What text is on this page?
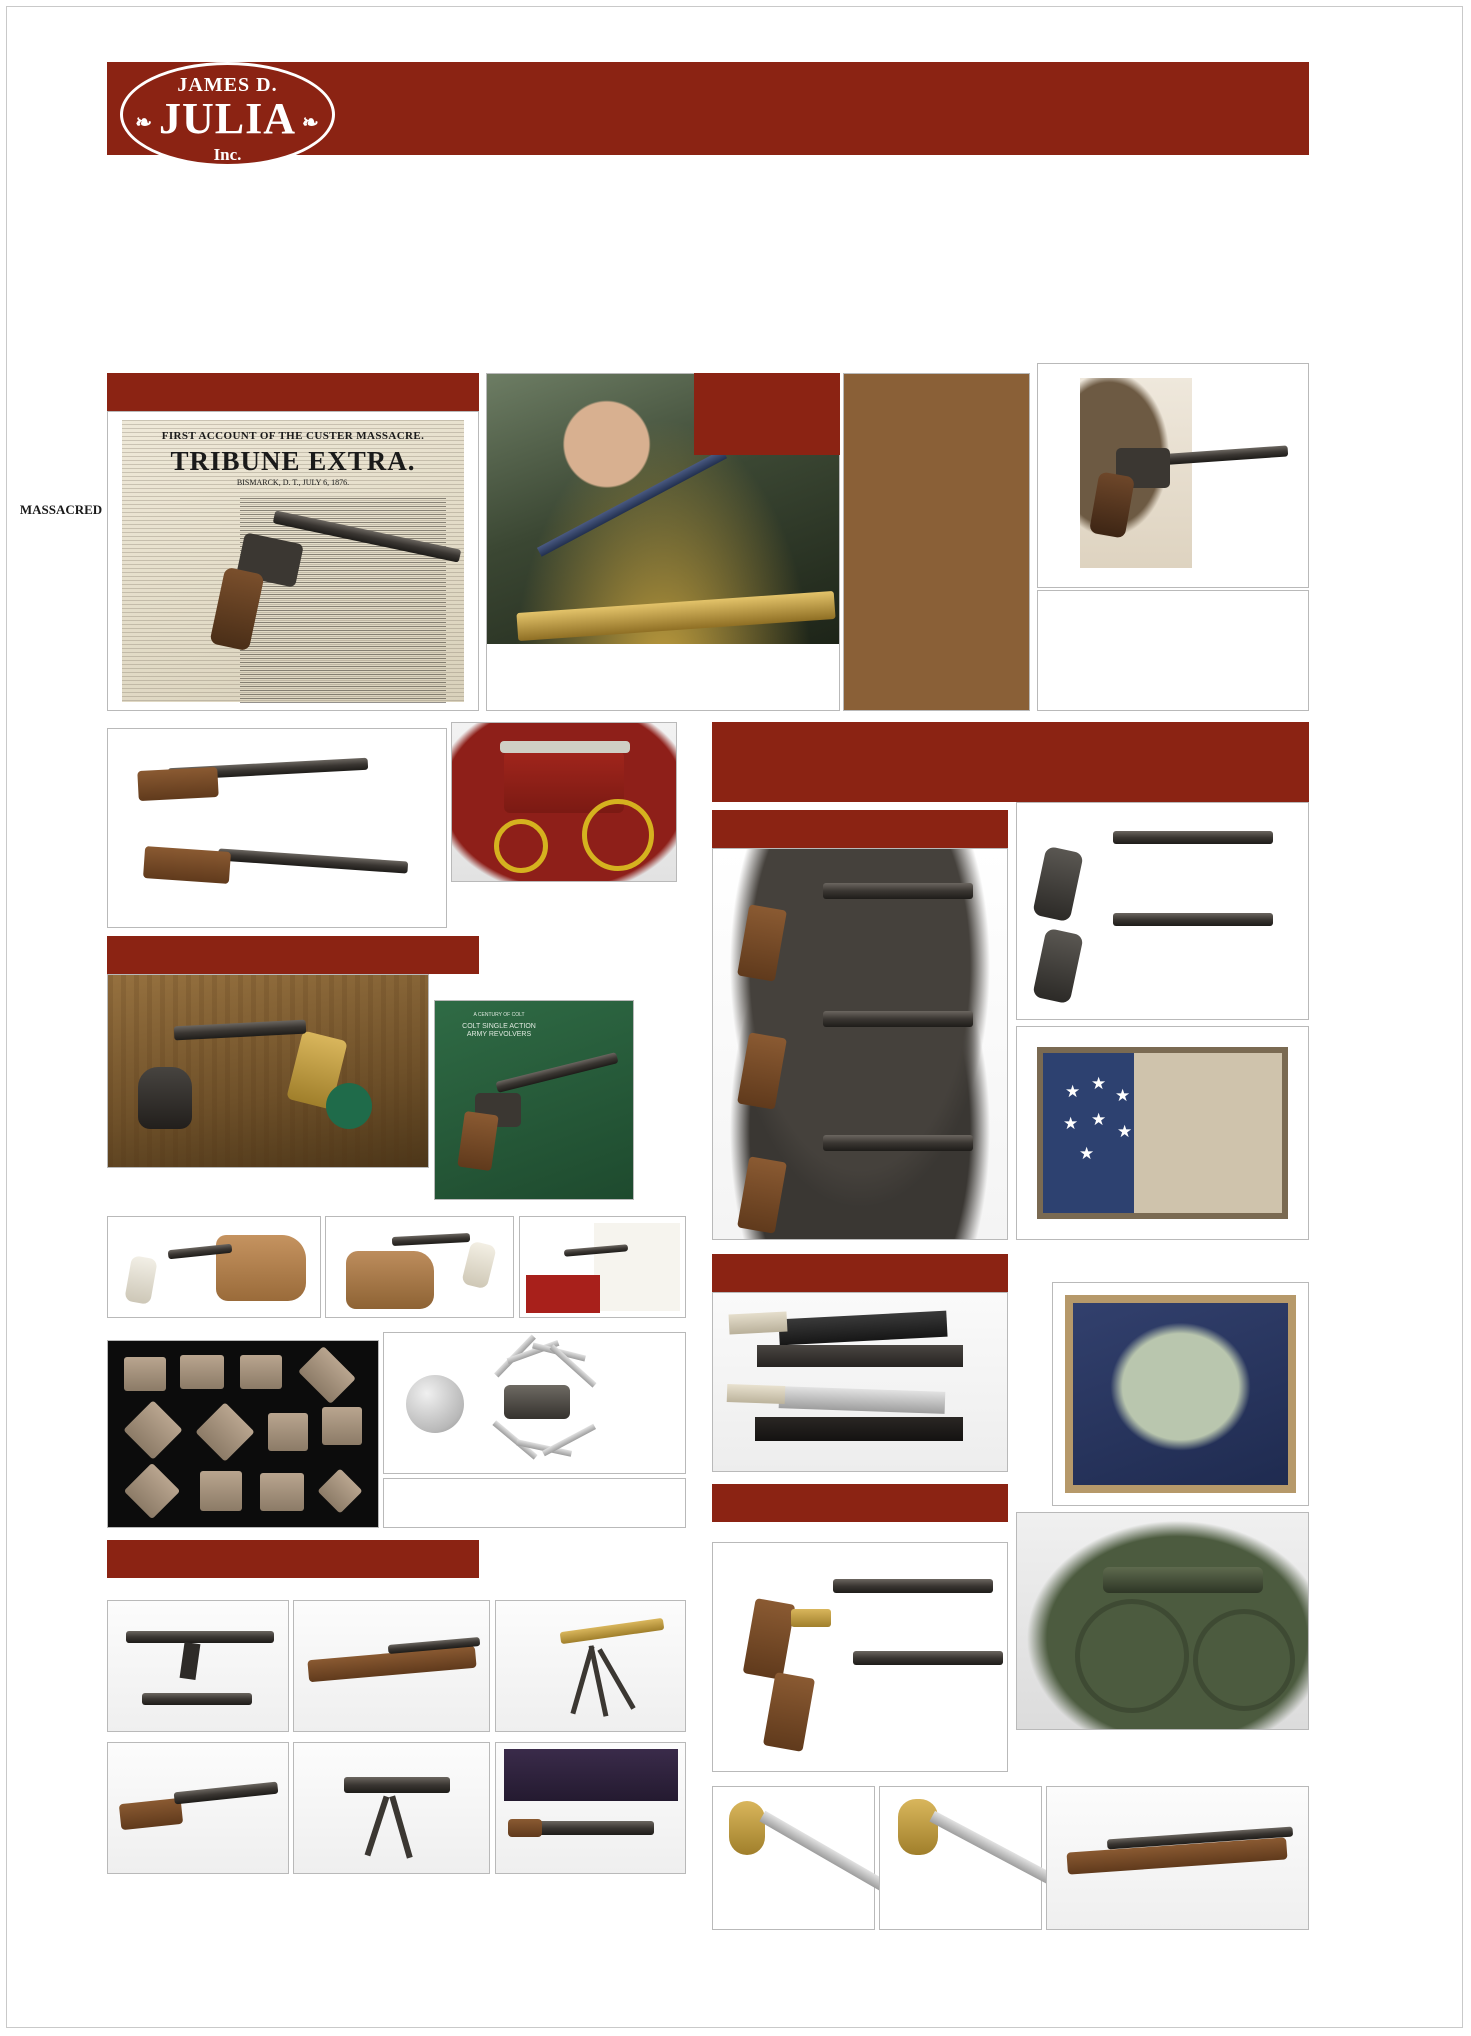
JAMES D.
❧ JULIA ❧
Inc.
FIRST ACCOUNT OF THE CUSTER MASSACRE.
TRIBUNE EXTRA.
BISMARCK, D. T., JULY 6, 1876.
MASSACRED
A CENTURY OF COLT
COLT SINGLE ACTION
ARMY REVOLVERS
★ ★
★
★ ★
★
★
